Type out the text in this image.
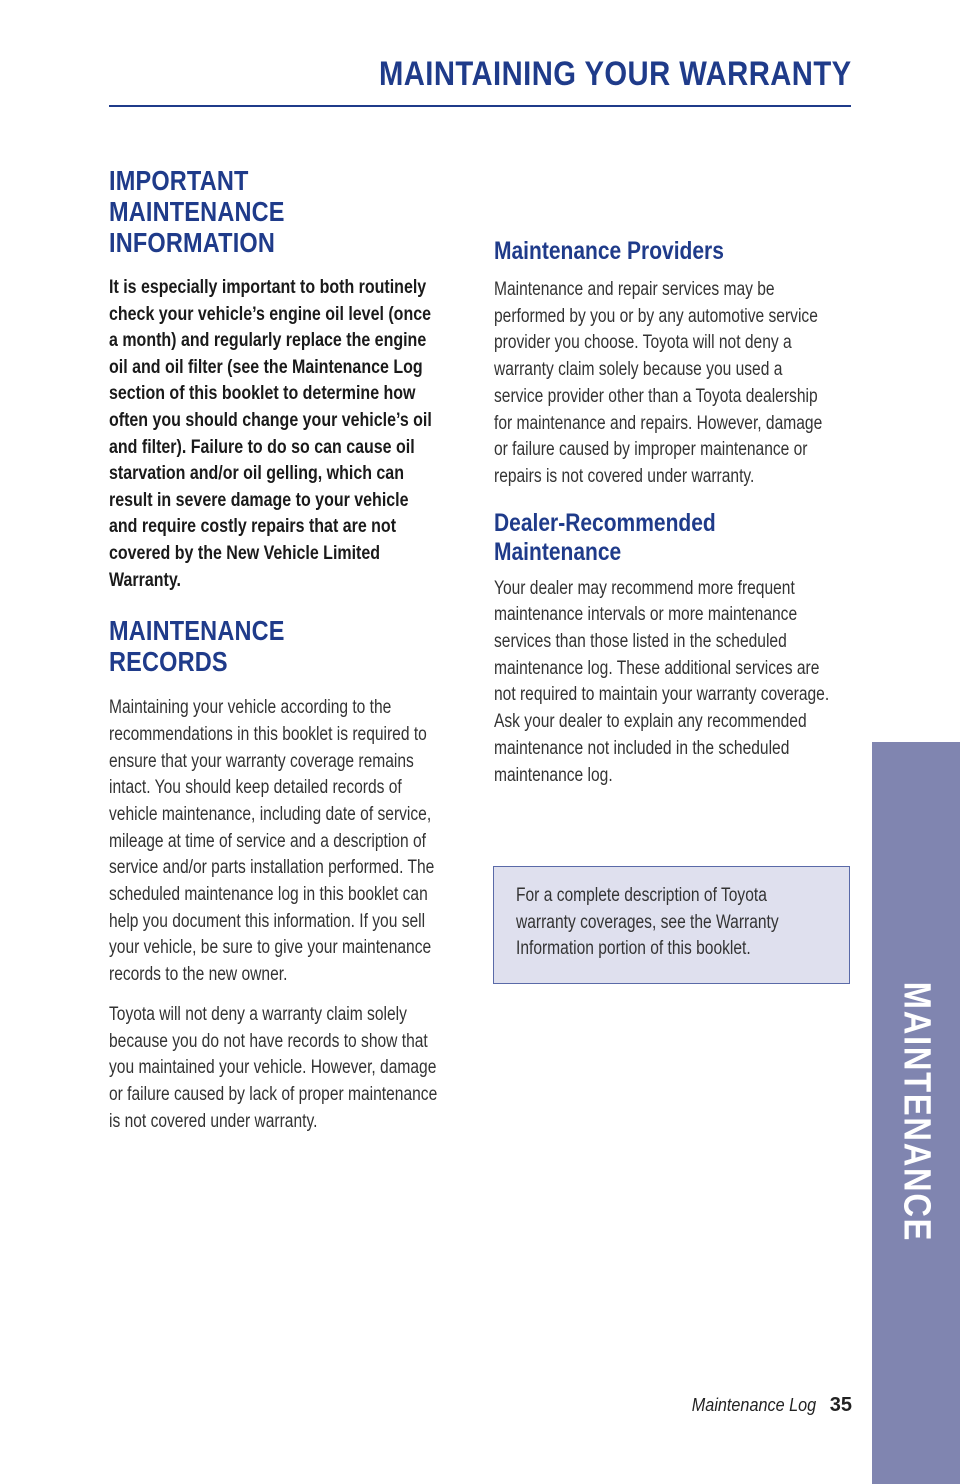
MAINTAINING YOUR WARRANTY
IMPORTANT MAINTENANCE
INFORMATION

It is especially important to both routinely check your vehicle’s engine oil level (once a month) and regularly replace the engine oil and oil filter (see the Maintenance Log section of this booklet to determine how often you should change your vehicle’s oil and filter). Failure to do so can cause oil starvation and/or oil gelling, which can result in severe damage to your vehicle and require costly repairs that are not covered by the New Vehicle Limited Warranty.

MAINTENANCE RECORDS

Maintaining your vehicle according to the recommendations in this booklet is required to ensure that your warranty coverage remains intact. You should keep detailed records of vehicle maintenance, including date of service, mileage at time of service and a description of service and/or parts installation performed. The scheduled maintenance log in this booklet can help you document this information. If you sell your vehicle, be sure to give your maintenance records to the new owner.

Toyota will not deny a warranty claim solely because you do not have records to show that you maintained your vehicle. However, damage or failure caused by lack of proper maintenance is not covered under warranty.

Maintenance Providers

Maintenance and repair services may be performed by you or by any automotive service provider you choose. Toyota will not deny a warranty claim solely because you used a service provider other than a Toyota dealership for maintenance and repairs. However, damage or failure caused by improper maintenance or repairs is not covered under warranty.

Dealer-Recommended
Maintenance

Your dealer may recommend more frequent maintenance intervals or more maintenance services than those listed in the scheduled maintenance log. These additional services are not required to maintain your warranty coverage. Ask your dealer to explain any recommended maintenance not included in the scheduled maintenance log.

For a complete description of Toyota warranty coverages, see the Warranty Information portion of this booklet.

MAINTENANCE
Maintenance Log 35
